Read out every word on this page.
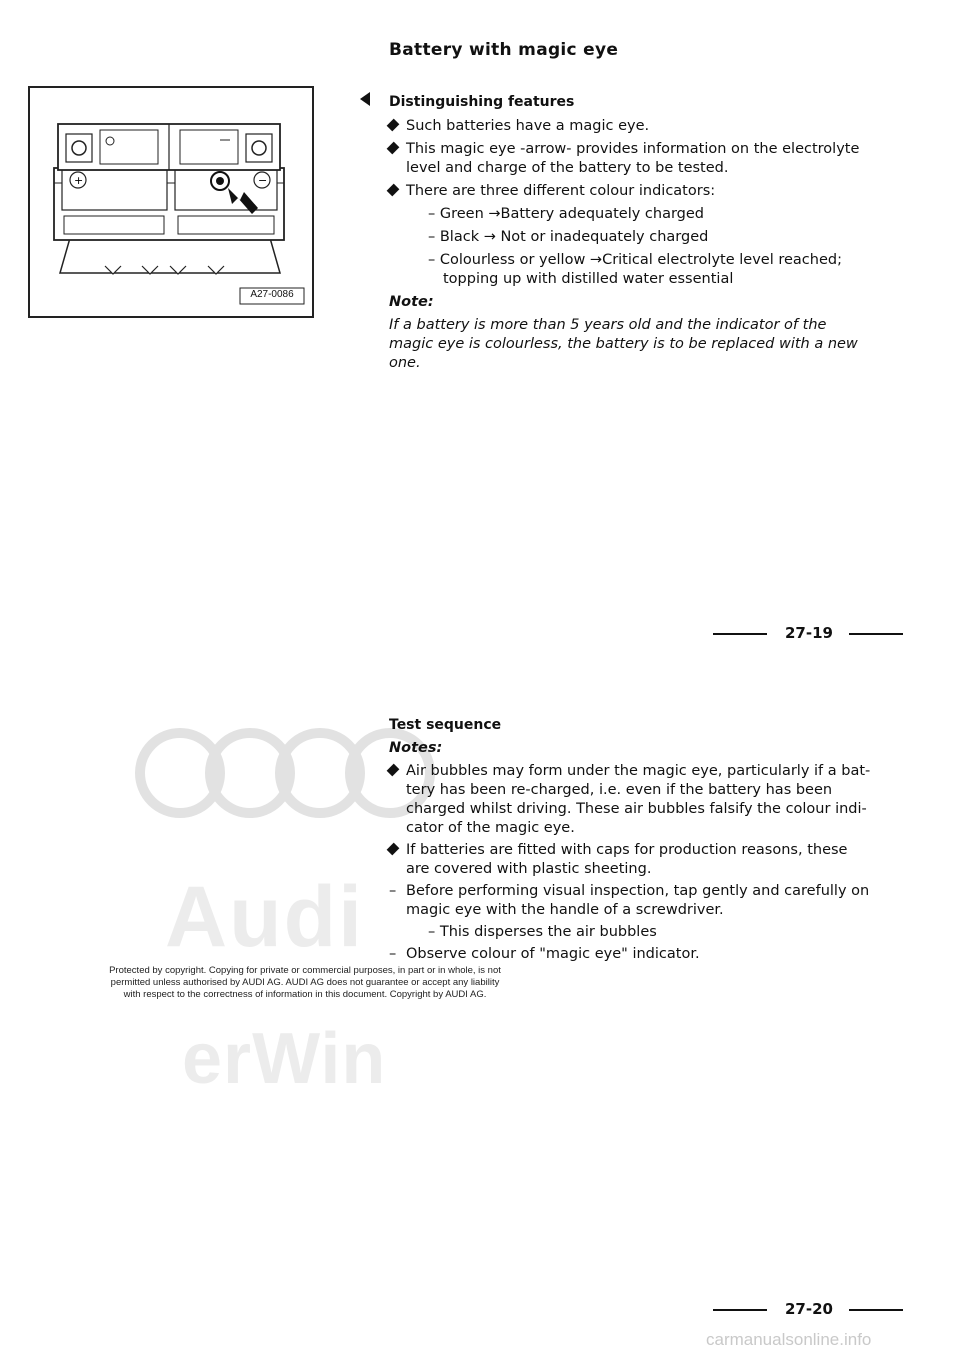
Battery with magic eye
+	−
A27-0086
Distinguishing features
Such batteries have a magic eye.
This magic eye -arrow- provides information on the electrolyte level and charge of the battery to be tested.
There are three different colour indicators:
– Green →Battery adequately charged
– Black → Not or inadequately charged
– Colourless or yellow →Critical electrolyte level reached;
topping up with distilled water essential
Note:
If a battery is more than 5 years old and the indicator of the
magic eye is colourless, the battery is to be replaced with a new
one.
27-19
Audi
erWin
Test sequence
Notes:
Air bubbles may form under the magic eye, particularly if a bat-
tery has been re-charged, i.e. even if the battery has been
charged whilst driving. These air bubbles falsify the colour indi-
cator of the magic eye.
If batteries are fitted with caps for production reasons, these
are covered with plastic sheeting.
– Before performing visual inspection, tap gently and carefully on
magic eye with the handle of a screwdriver.
– This disperses the air bubbles
– Observe colour of "magic eye" indicator.
Protected by copyright. Copying for private or commercial purposes, in part or in whole, is not
permitted unless authorised by AUDI AG. AUDI AG does not guarantee or accept any liability
with respect to the correctness of information in this document. Copyright by AUDI AG.
27-20
carmanualsonline.info
